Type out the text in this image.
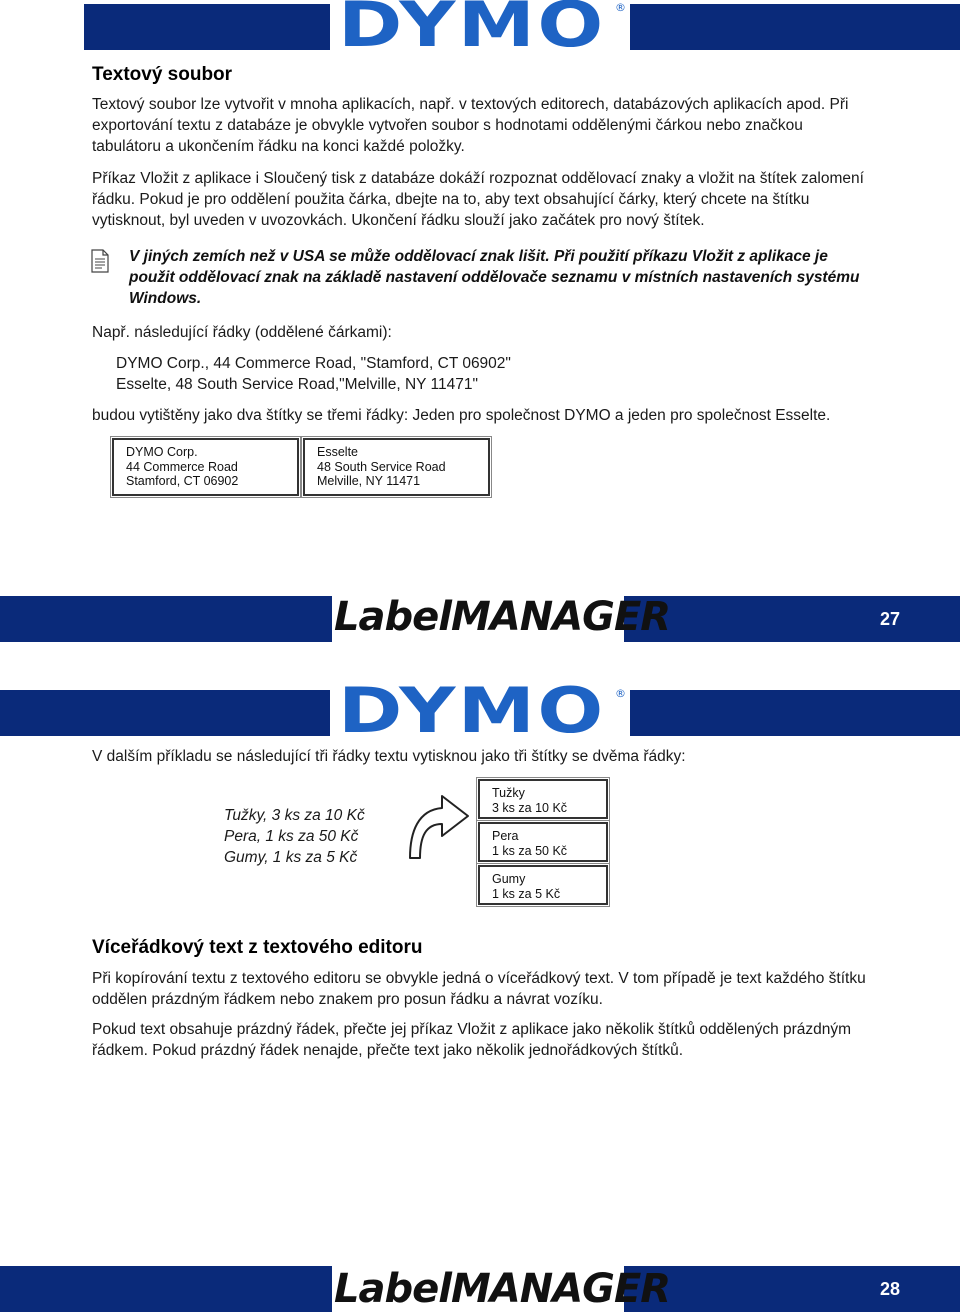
DYMO ®
Textový soubor

Textový soubor lze vytvořit v mnoha aplikacích, např. v textových editorech, databázových aplikacích apod. Při exportování textu z databáze je obvykle vytvořen soubor s hodnotami oddělenými čárkou nebo značkou tabulátoru a ukončením řádku na konci každé položky.

Příkaz Vložit z aplikace i Sloučený tisk z databáze dokáží rozpoznat oddělovací znaky a vložit na štítek zalomení řádku. Pokud je pro oddělení použita čárka, dbejte na to, aby text obsahující čárky, který chcete na štítku vytisknout, byl uveden v uvozovkách. Ukončení řádku slouží jako začátek pro nový štítek.

V jiných zemích než v USA se může oddělovací znak lišit. Při použití příkazu Vložit z aplikace je použit oddělovací znak na základě nastavení oddělovače seznamu v místních nastaveních systému Windows.

Např. následující řádky (oddělené čárkami):

DYMO Corp., 44 Commerce Road, "Stamford, CT 06902"

Esselte, 48 South Service Road,"Melville, NY 11471"

budou vytištěny jako dva štítky se třemi řádky: Jeden pro společnost DYMO a jeden pro společnost Esselte.

DYMO Corp.
44 Commerce Road
Stamford, CT 06902
Esselte
48 South Service Road
Melville, NY 11471
LabelMANAGER	27
DYMO ®

V dalším příkladu se následující tři řádky textu vytisknou jako tři štítky se dvěma řádky:

Tužky, 3 ks za 10 Kč

Pera, 1 ks za 50 Kč

Gumy, 1 ks za 5 Kč

Tužky
3 ks za 10 Kč
Pera
1 ks za 50 Kč
Gumy
1 ks za 5 Kč
Víceřádkový text z textového editoru

Při kopírování textu z textového editoru se obvykle jedná o víceřádkový text. V tom případě je text každého štítku oddělen prázdným řádkem nebo znakem pro posun řádku a návrat vozíku.

Pokud text obsahuje prázdný řádek, přečte jej příkaz Vložit z aplikace jako několik štítků oddělených prázdným řádkem. Pokud prázdný řádek nenajde, přečte text jako několik jednořádkových štítků.

LabelMANAGER	28
